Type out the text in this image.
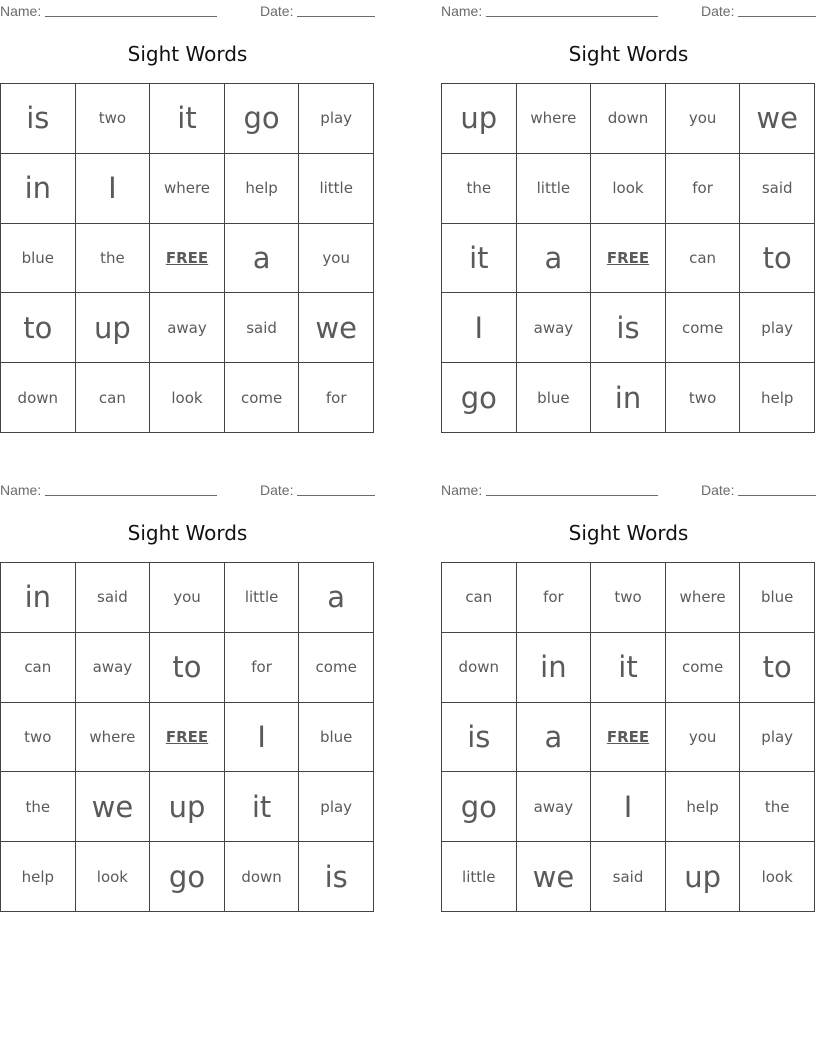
Name:	Date:
Sight Words
is	two	it	go	play
in	I	where	help	little
blue	the	FREE	a	you
to	up	away	said	we
down	can	look	come	for
Name:	Date:
Sight Words
up	where	down	you	we
the	little	look	for	said
it	a	FREE	can	to
I	away	is	come	play
go	blue	in	two	help
Name:	Date:
Sight Words
in	said	you	little	a
can	away	to	for	come
two	where	FREE	I	blue
the	we	up	it	play
help	look	go	down	is
Name:	Date:
Sight Words
can	for	two	where	blue
down	in	it	come	to
is	a	FREE	you	play
go	away	I	help	the
little	we	said	up	look
